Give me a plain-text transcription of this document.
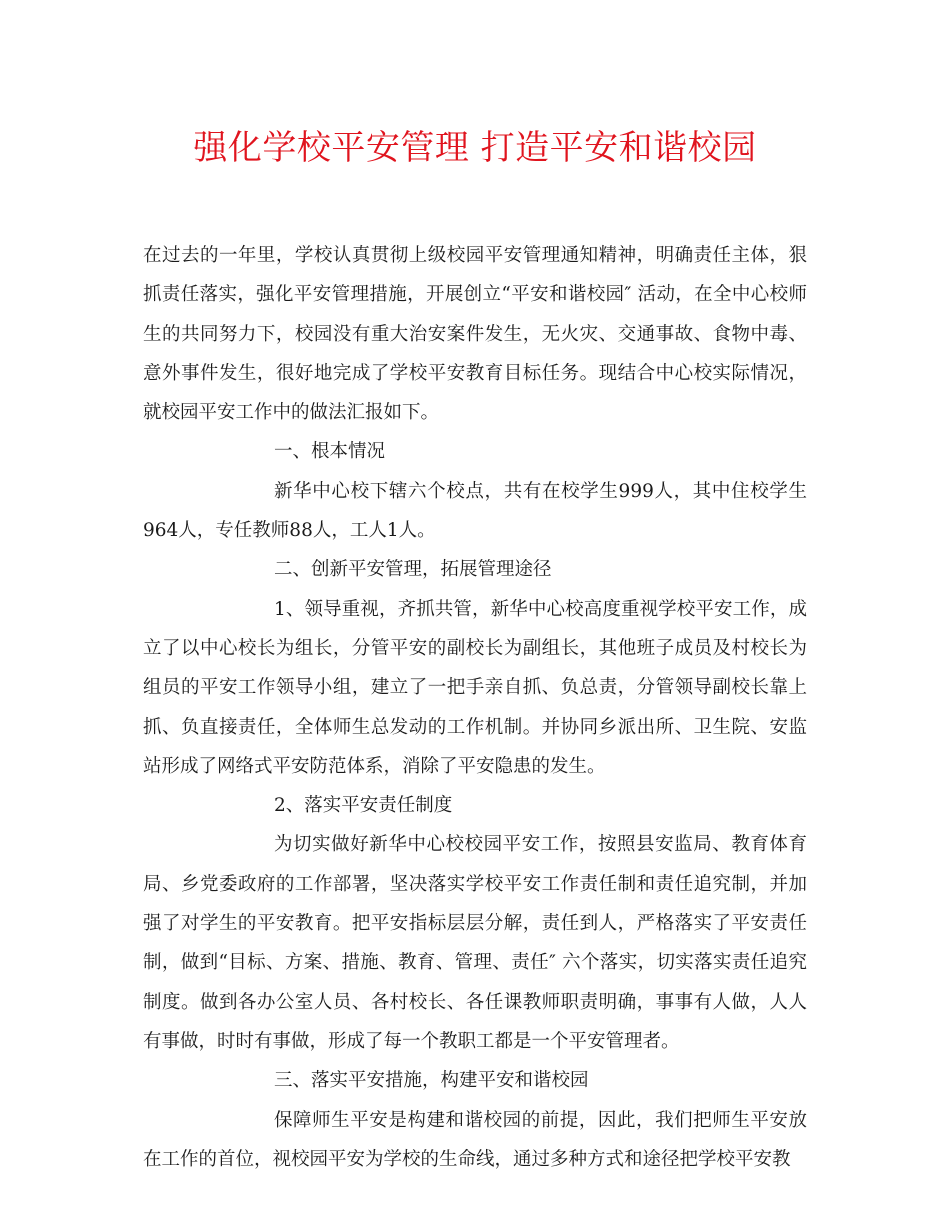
强化学校平安管理 打造平安和谐校园

在过去的一年里，学校认真贯彻上级校园平安管理通知精神，明确责任主体，狠抓责任落实，强化平安管理措施，开展创立“平安和谐校园″ 活动，在全中心校师生的共同努力下，校园没有重大治安案件发生，无火灾、交通事故、食物中毒、意外事件发生，很好地完成了学校平安教育目标任务。现结合中心校实际情况，就校园平安工作中的做法汇报如下。

一、根本情况

新华中心校下辖六个校点，共有在校学生999人，其中住校学生964人，专任教师88人，工人1人。

二、创新平安管理，拓展管理途径

1、领导重视，齐抓共管，新华中心校高度重视学校平安工作，成立了以中心校长为组长，分管平安的副校长为副组长，其他班子成员及村校长为组员的平安工作领导小组，建立了一把手亲自抓、负总责，分管领导副校长靠上抓、负直接责任，全体师生总发动的工作机制。并协同乡派出所、卫生院、安监站形成了网络式平安防范体系，消除了平安隐患的发生。

2、落实平安责任制度

为切实做好新华中心校校园平安工作，按照县安监局、教育体育局、乡党委政府的工作部署，坚决落实学校平安工作责任制和责任追究制，并加强了对学生的平安教育。把平安指标层层分解，责任到人，严格落实了平安责任制，做到“目标、方案、措施、教育、管理、责任″ 六个落实，切实落实责任追究制度。做到各办公室人员、各村校长、各任课教师职责明确，事事有人做，人人有事做，时时有事做，形成了每一个教职工都是一个平安管理者。

三、落实平安措施，构建平安和谐校园

保障师生平安是构建和谐校园的前提，因此，我们把师生平安放在工作的首位，视校园平安为学校的生命线，通过多种方式和途径把学校平安教
